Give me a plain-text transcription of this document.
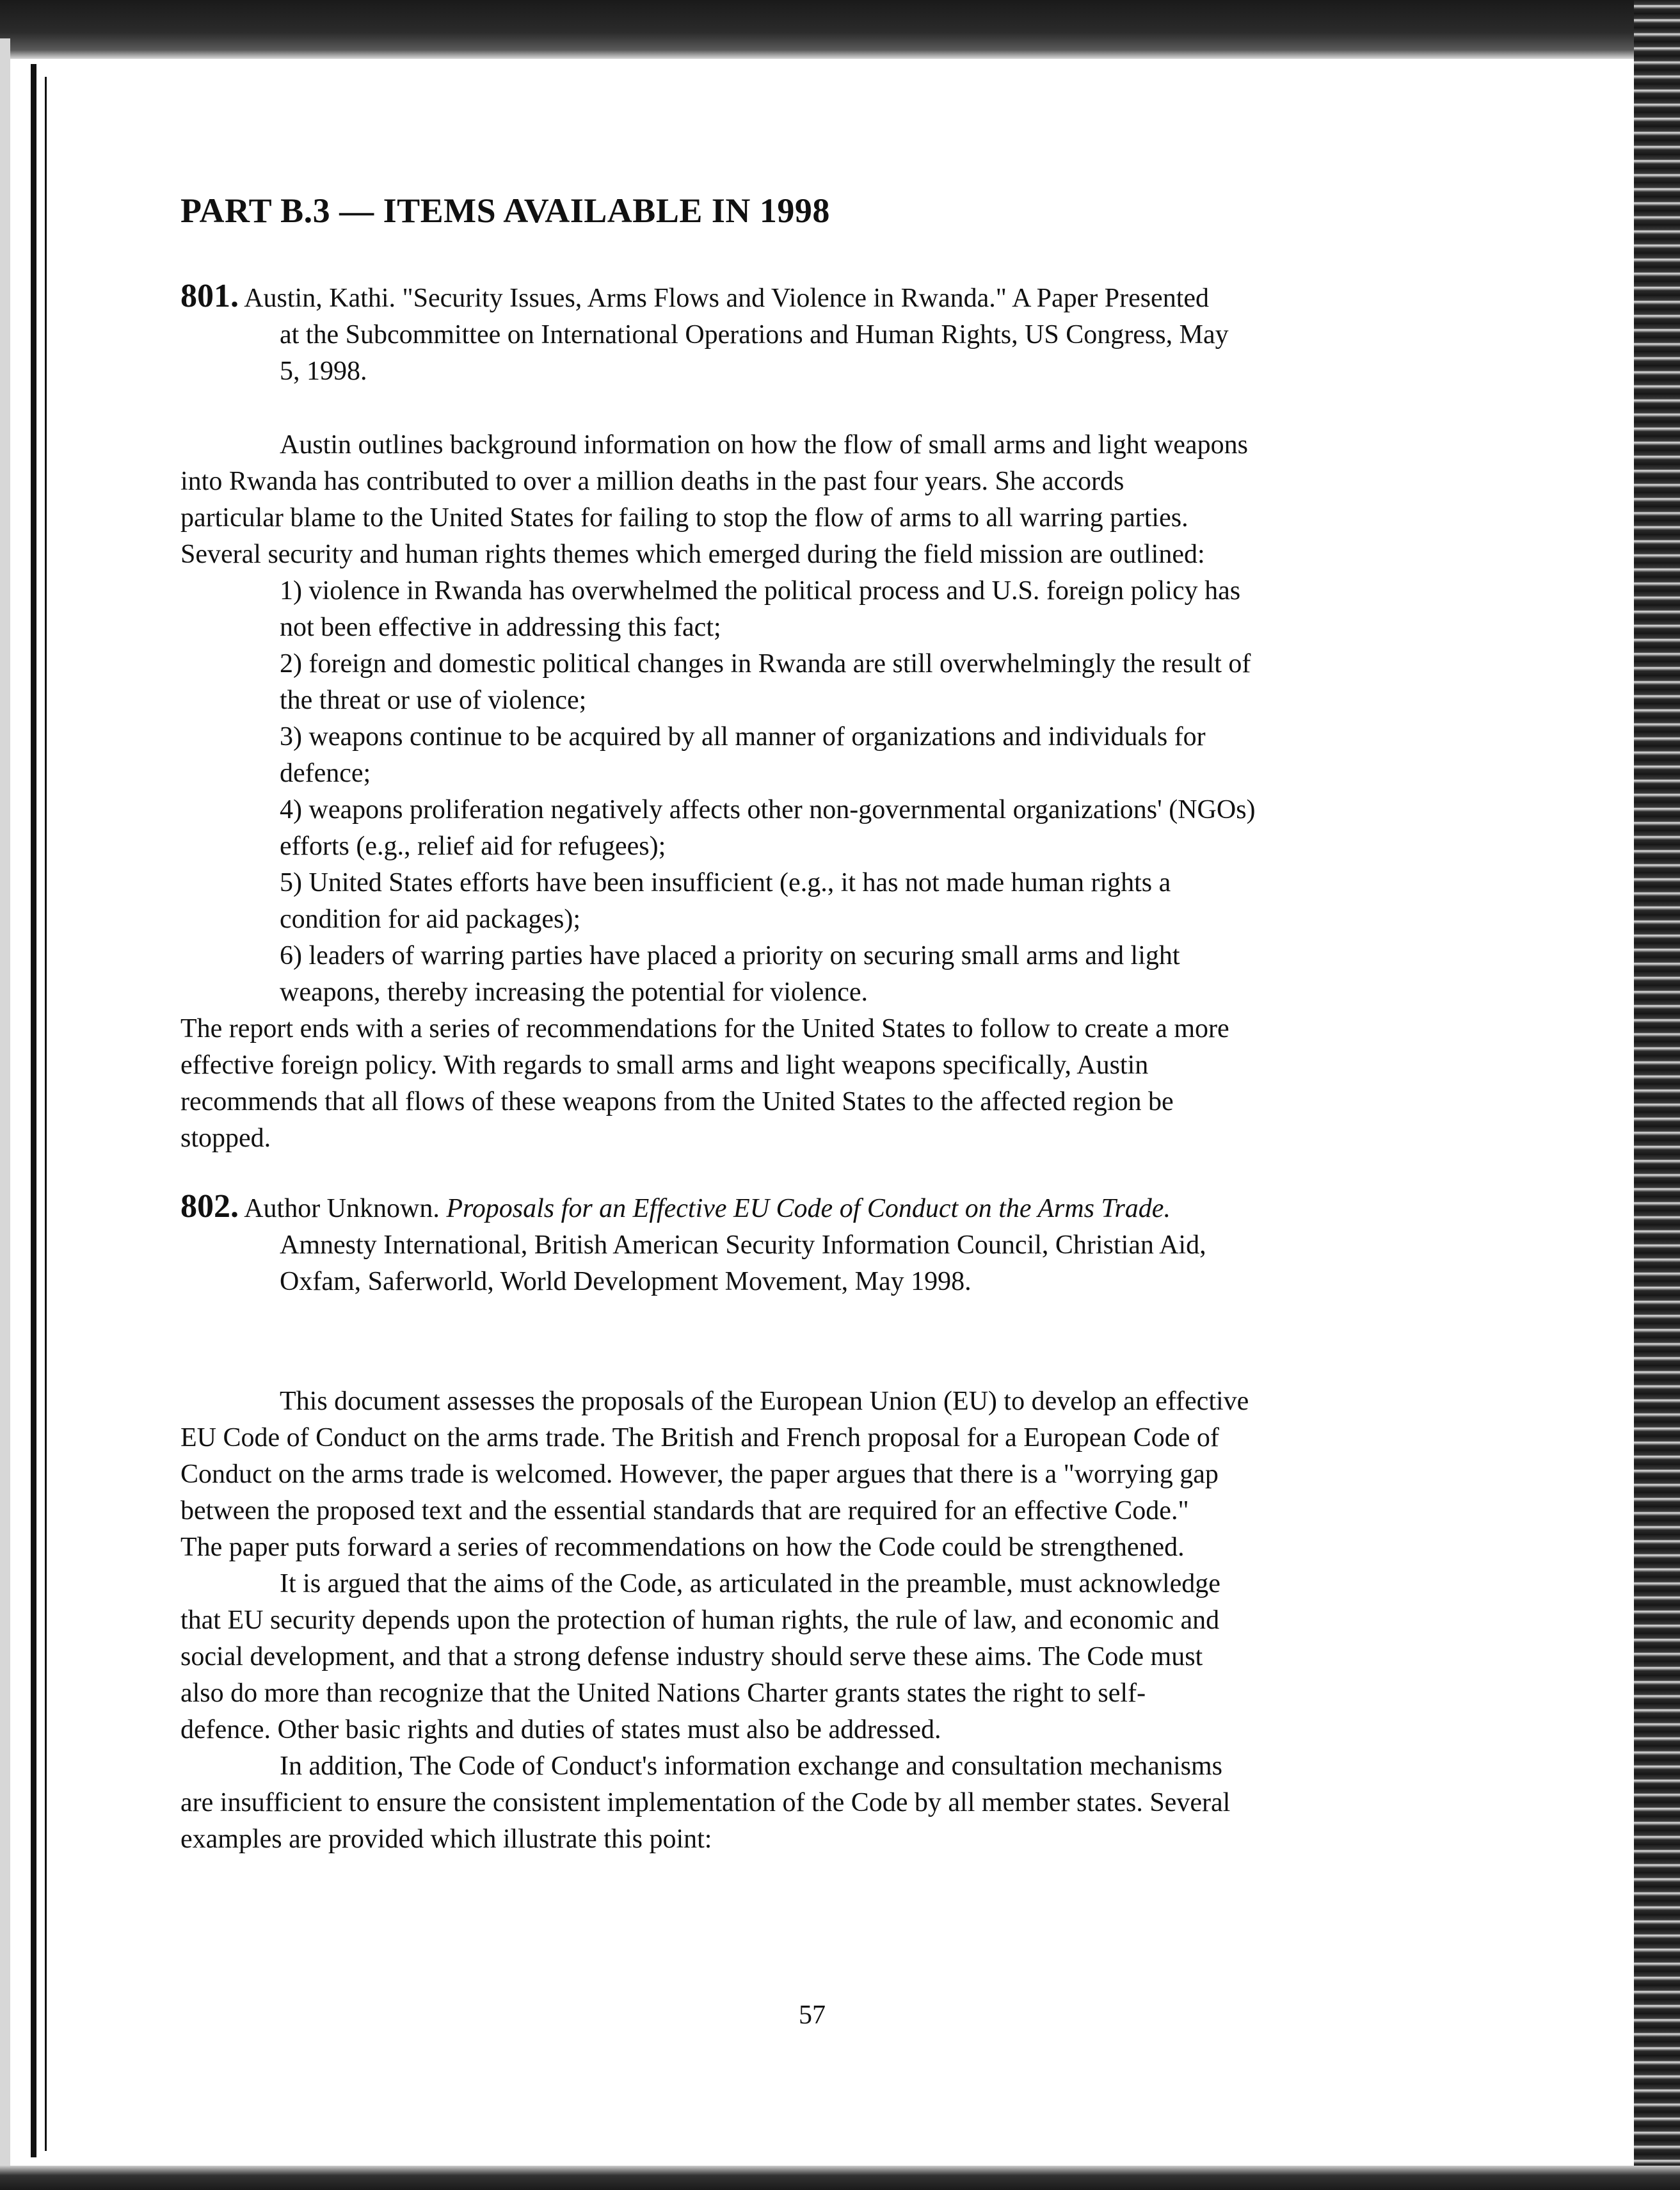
PART B.3 — ITEMS AVAILABLE IN 1998
801. Austin, Kathi. "Security Issues, Arms Flows and Violence in Rwanda." A Paper Presented
at the Subcommittee on International Operations and Human Rights, US Congress, May
5, 1998.
Austin outlines background information on how the flow of small arms and light weapons
into Rwanda has contributed to over a million deaths in the past four years. She accords
particular blame to the United States for failing to stop the flow of arms to all warring parties.
Several security and human rights themes which emerged during the field mission are outlined:
1) violence in Rwanda has overwhelmed the political process and U.S. foreign policy has
not been effective in addressing this fact;
2) foreign and domestic political changes in Rwanda are still overwhelmingly the result of
the threat or use of violence;
3) weapons continue to be acquired by all manner of organizations and individuals for
defence;
4) weapons proliferation negatively affects other non-governmental organizations' (NGOs)
efforts (e.g., relief aid for refugees);
5) United States efforts have been insufficient (e.g., it has not made human rights a
condition for aid packages);
6) leaders of warring parties have placed a priority on securing small arms and light
weapons, thereby increasing the potential for violence.
The report ends with a series of recommendations for the United States to follow to create a more
effective foreign policy. With regards to small arms and light weapons specifically, Austin
recommends that all flows of these weapons from the United States to the affected region be
stopped.
802. Author Unknown. Proposals for an Effective EU Code of Conduct on the Arms Trade.
Amnesty International, British American Security Information Council, Christian Aid,
Oxfam, Saferworld, World Development Movement, May 1998.
This document assesses the proposals of the European Union (EU) to develop an effective
EU Code of Conduct on the arms trade. The British and French proposal for a European Code of
Conduct on the arms trade is welcomed. However, the paper argues that there is a "worrying gap
between the proposed text and the essential standards that are required for an effective Code."
The paper puts forward a series of recommendations on how the Code could be strengthened.
It is argued that the aims of the Code, as articulated in the preamble, must acknowledge
that EU security depends upon the protection of human rights, the rule of law, and economic and
social development, and that a strong defense industry should serve these aims. The Code must
also do more than recognize that the United Nations Charter grants states the right to self-
defence. Other basic rights and duties of states must also be addressed.
In addition, The Code of Conduct's information exchange and consultation mechanisms
are insufficient to ensure the consistent implementation of the Code by all member states. Several
examples are provided which illustrate this point:
57
